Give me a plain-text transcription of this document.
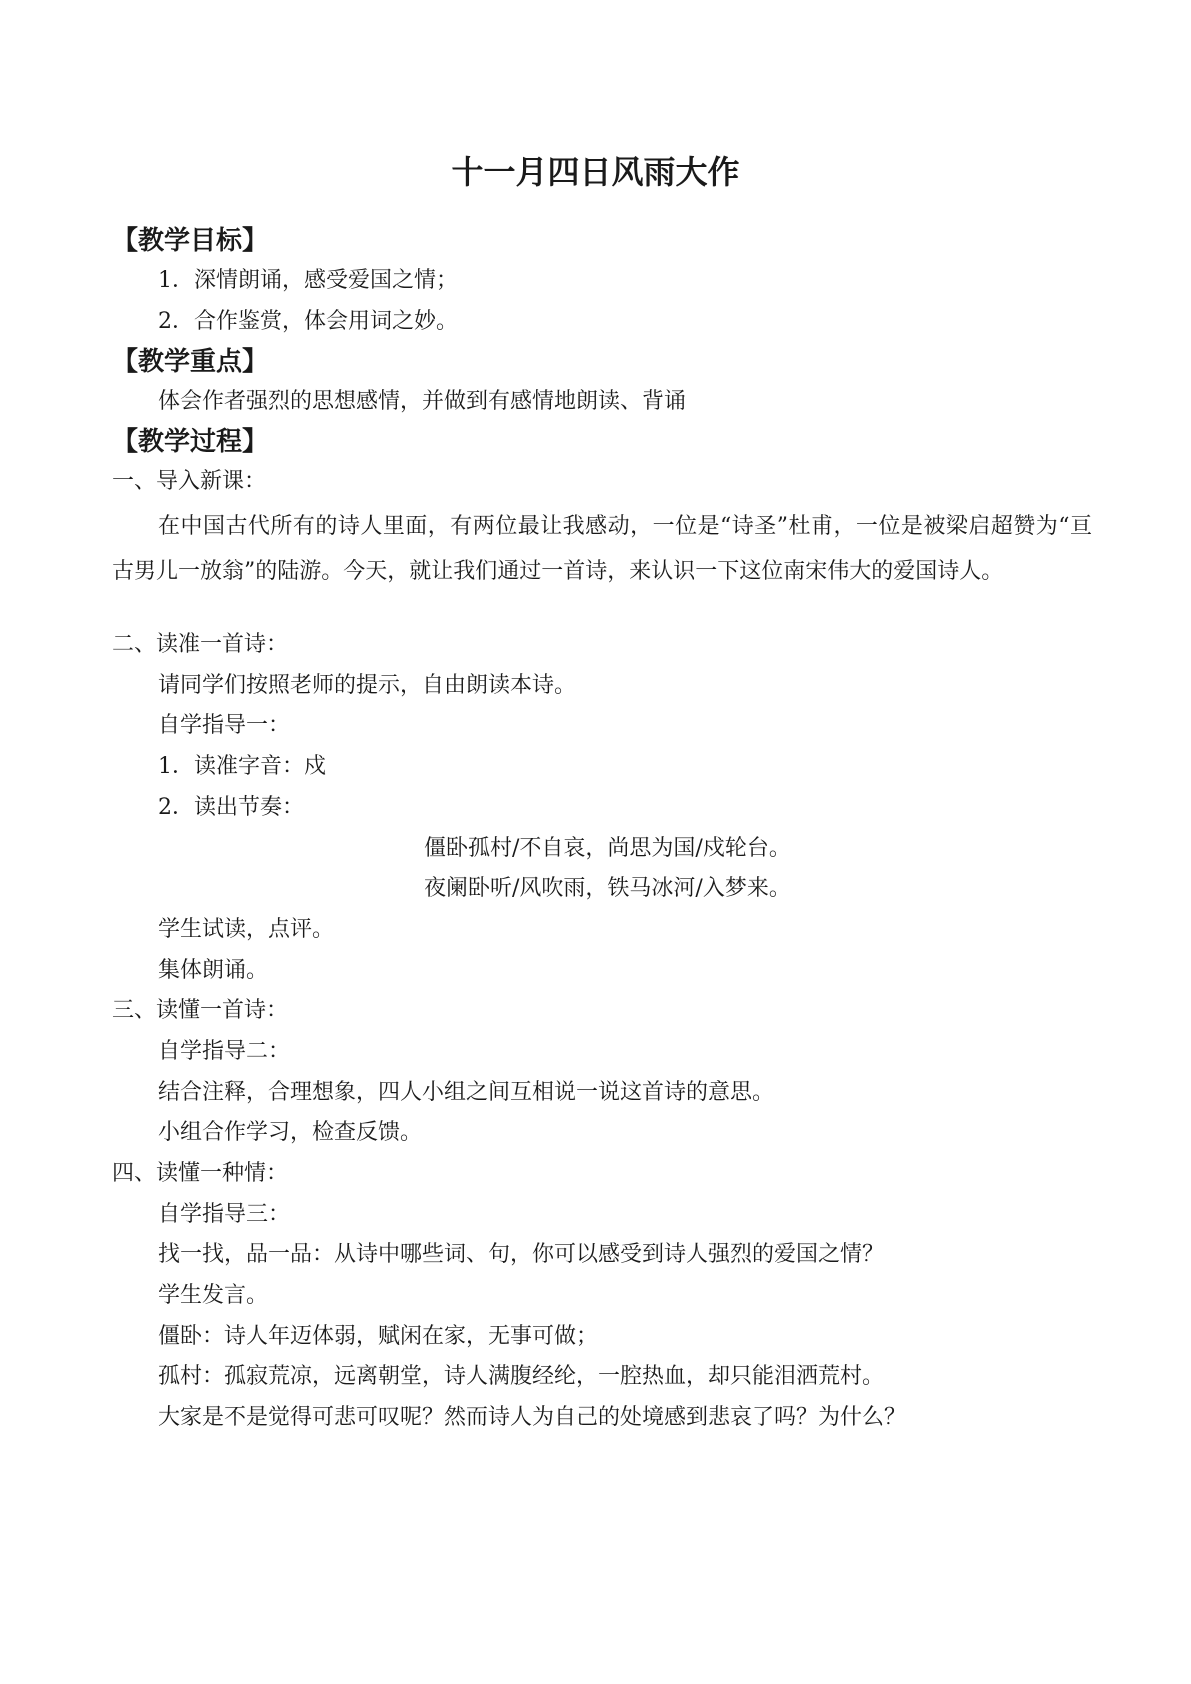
十一月四日风雨大作
【教学目标】
1．深情朗诵，感受爱国之情；
2．合作鉴赏，体会用词之妙。
【教学重点】
体会作者强烈的思想感情，并做到有感情地朗读、背诵
【教学过程】
一、导入新课：

在中国古代所有的诗人里面，有两位最让我感动，一位是“诗圣”杜甫，一位是被梁启超赞为“亘古男儿一放翁”的陆游。今天，就让我们通过一首诗，来认识一下这位南宋伟大的爱国诗人。

二、读准一首诗：
请同学们按照老师的提示，自由朗读本诗。
自学指导一：
1．读准字音：戍
2．读出节奏：
僵卧孤村/不自哀，尚思为国/戍轮台。
夜阑卧听/风吹雨，铁马冰河/入梦来。
学生试读，点评。
集体朗诵。
三、读懂一首诗：
自学指导二：
结合注释，合理想象，四人小组之间互相说一说这首诗的意思。
小组合作学习，检查反馈。
四、读懂一种情：
自学指导三：
找一找，品一品：从诗中哪些词、句，你可以感受到诗人强烈的爱国之情？
学生发言。
僵卧：诗人年迈体弱，赋闲在家，无事可做；
孤村：孤寂荒凉，远离朝堂，诗人满腹经纶，一腔热血，却只能泪洒荒村。
大家是不是觉得可悲可叹呢？然而诗人为自己的处境感到悲哀了吗？为什么？
